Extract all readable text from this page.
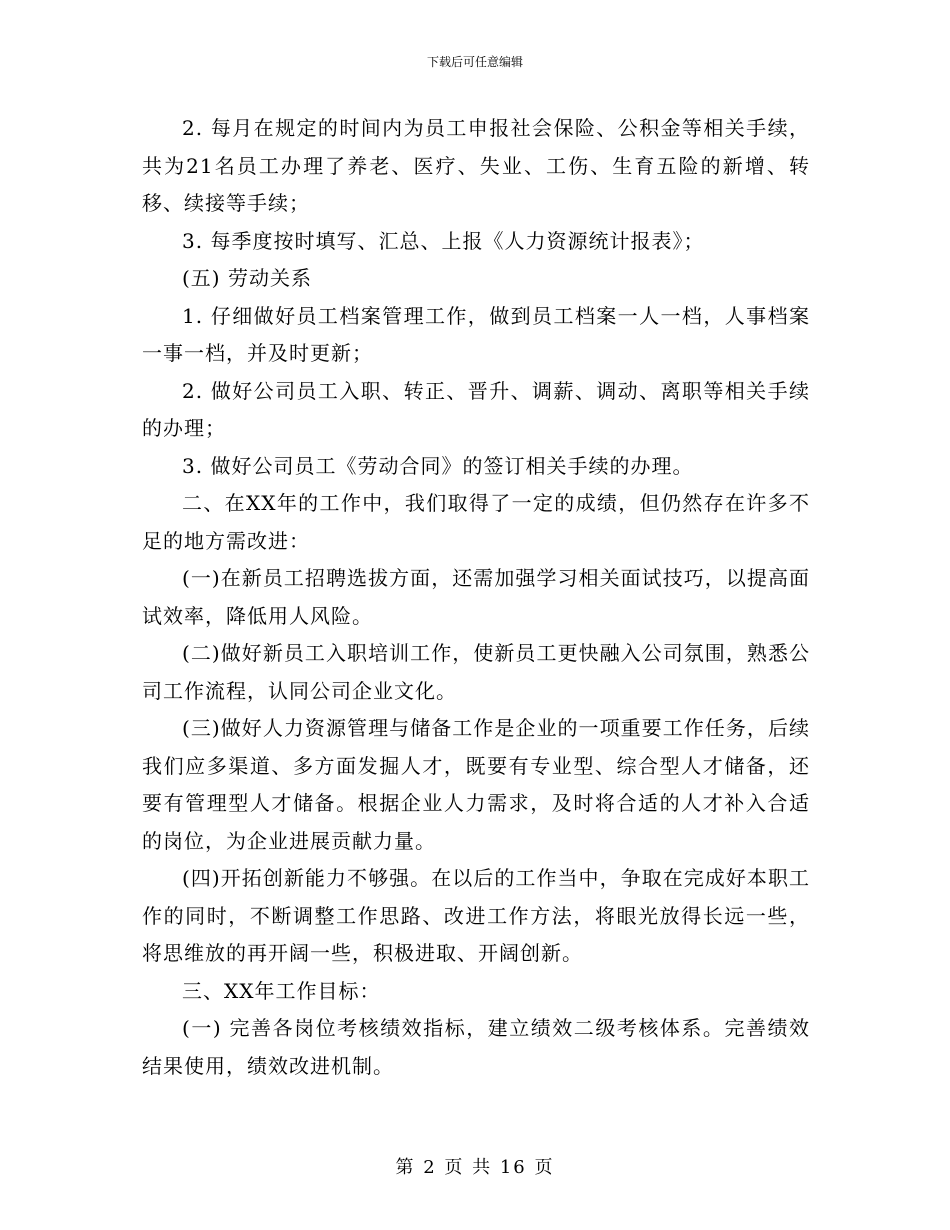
下载后可任意编辑

2. 每月在规定的时间内为员工申报社会保险、公积金等相关手续，共为21名员工办理了养老、医疗、失业、工伤、生育五险的新增、转移、续接等手续；

3. 每季度按时填写、汇总、上报《人力资源统计报表》；

(五) 劳动关系

1. 仔细做好员工档案管理工作，做到员工档案一人一档，人事档案一事一档，并及时更新；

2. 做好公司员工入职、转正、晋升、调薪、调动、离职等相关手续的办理；

3. 做好公司员工《劳动合同》的签订相关手续的办理。

二、在XX年的工作中，我们取得了一定的成绩，但仍然存在许多不足的地方需改进：

(一)在新员工招聘选拔方面，还需加强学习相关面试技巧，以提高面试效率，降低用人风险。

(二)做好新员工入职培训工作，使新员工更快融入公司氛围，熟悉公司工作流程，认同公司企业文化。

(三)做好人力资源管理与储备工作是企业的一项重要工作任务，后续我们应多渠道、多方面发掘人才，既要有专业型、综合型人才储备，还要有管理型人才储备。根据企业人力需求，及时将合适的人才补入合适的岗位，为企业进展贡献力量。

(四)开拓创新能力不够强。在以后的工作当中，争取在完成好本职工作的同时，不断调整工作思路、改进工作方法，将眼光放得长远一些，将思维放的再开阔一些，积极进取、开阔创新。

三、XX年工作目标：

(一) 完善各岗位考核绩效指标，建立绩效二级考核体系。完善绩效结果使用，绩效改进机制。

第 2 页 共 16 页
